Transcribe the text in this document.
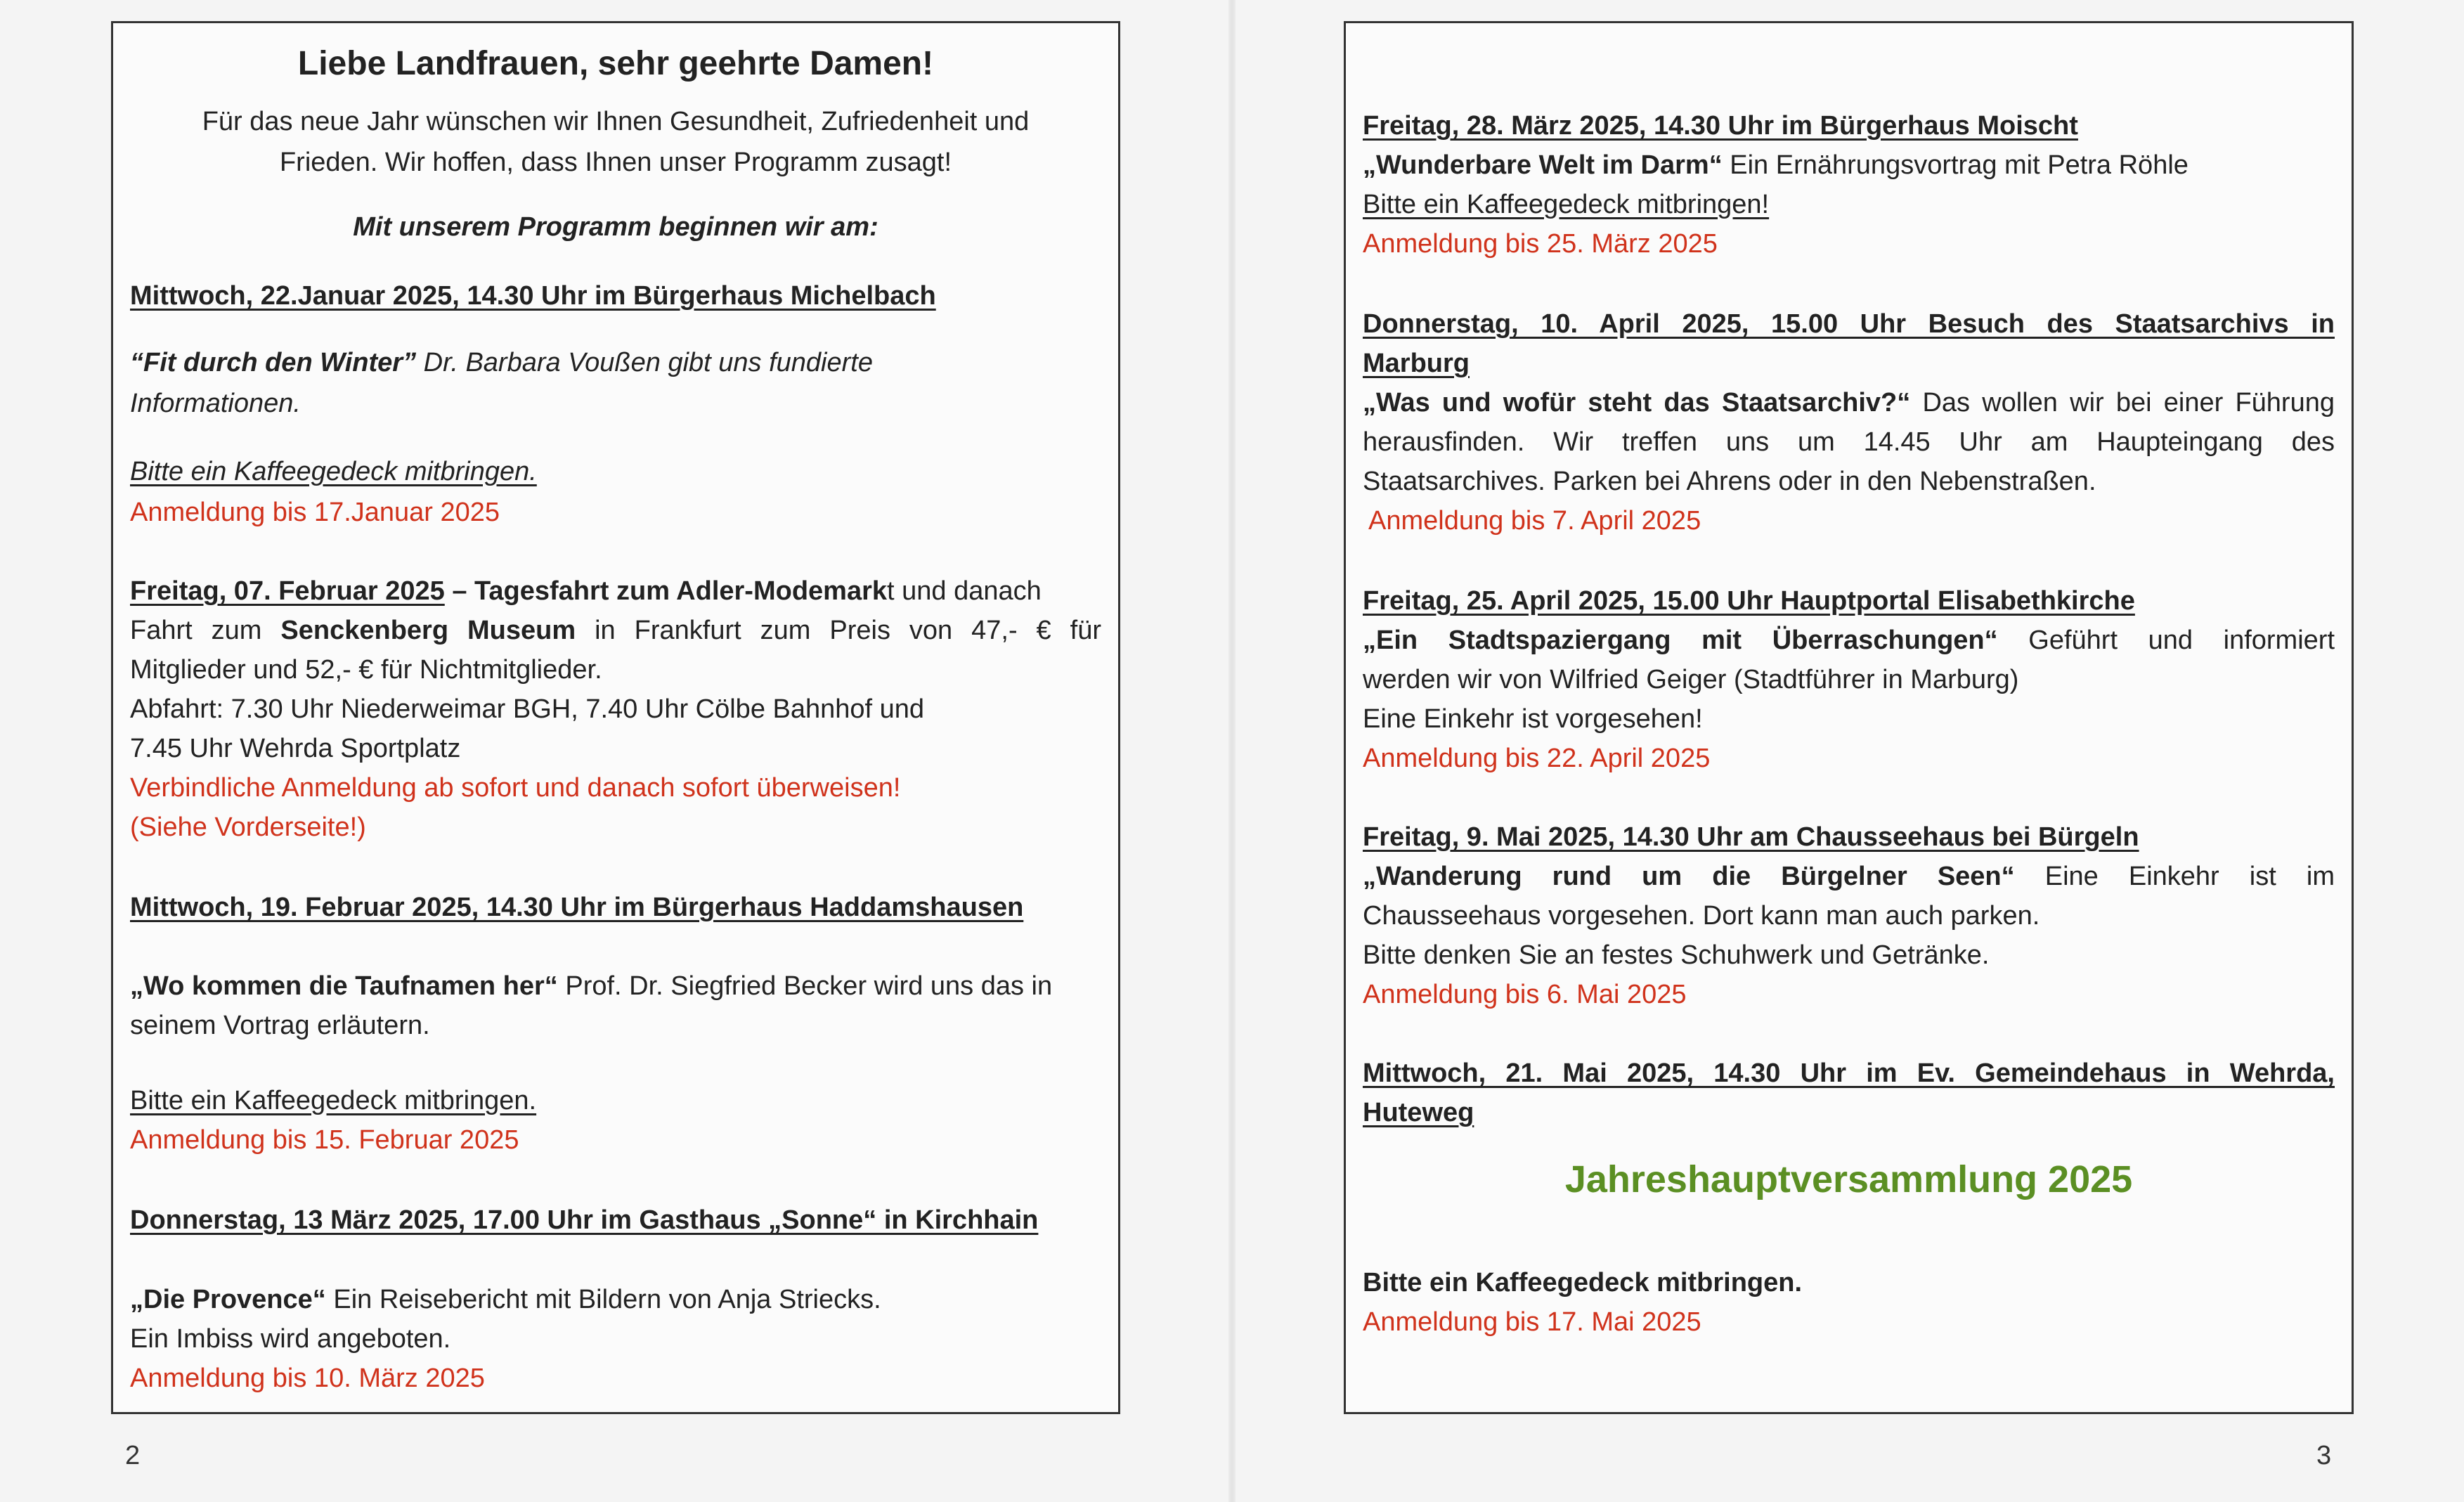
Liebe Landfrauen, sehr geehrte Damen!
Für das neue Jahr wünschen wir Ihnen Gesundheit, Zufriedenheit und
Frieden. Wir hoffen, dass Ihnen unser Programm zusagt!
Mit unserem Programm beginnen wir am:
Mittwoch, 22.Januar 2025, 14.30 Uhr im Bürgerhaus Michelbach
“Fit durch den Winter” Dr. Barbara Voußen gibt uns fundierte
Informationen.
Bitte ein Kaffeegedeck mitbringen.
Anmeldung bis 17.Januar 2025
Freitag, 07. Februar 2025 – Tagesfahrt zum Adler-Modemarkt und danach
Fahrt zum Senckenberg Museum in Frankfurt zum Preis von 47,- € für
Mitglieder und 52,- € für Nichtmitglieder.
Abfahrt: 7.30 Uhr Niederweimar BGH, 7.40 Uhr Cölbe Bahnhof und
7.45 Uhr Wehrda Sportplatz
Verbindliche Anmeldung ab sofort und danach sofort überweisen!
(Siehe Vorderseite!)
Mittwoch, 19. Februar 2025, 14.30 Uhr im Bürgerhaus Haddamshausen
„Wo kommen die Taufnamen her“ Prof. Dr. Siegfried Becker wird uns das in
seinem Vortrag erläutern.
Bitte ein Kaffeegedeck mitbringen.
Anmeldung bis 15. Februar 2025
Donnerstag, 13 März 2025, 17.00 Uhr im Gasthaus „Sonne“ in Kirchhain
„Die Provence“ Ein Reisebericht mit Bildern von Anja Striecks.
Ein Imbiss wird angeboten.
Anmeldung bis 10. März 2025
2
Freitag, 28. März 2025, 14.30 Uhr im Bürgerhaus Moischt
„Wunderbare Welt im Darm“ Ein Ernährungsvortrag mit Petra Röhle
Bitte ein Kaffeegedeck mitbringen!
Anmeldung bis 25. März 2025
Donnerstag, 10. April 2025, 15.00 Uhr Besuch des Staatsarchivs in
Marburg
„Was und wofür steht das Staatsarchiv?“ Das wollen wir bei einer Führung
herausfinden. Wir treffen uns um 14.45 Uhr am Haupteingang des
Staatsarchives. Parken bei Ahrens oder in den Nebenstraßen.
Anmeldung bis 7. April 2025
Freitag, 25. April 2025, 15.00 Uhr Hauptportal Elisabethkirche
„Ein Stadtspaziergang mit Überraschungen“ Geführt und informiert
werden wir von Wilfried Geiger (Stadtführer in Marburg)
Eine Einkehr ist vorgesehen!
Anmeldung bis 22. April 2025
Freitag, 9. Mai 2025, 14.30 Uhr am Chausseehaus bei Bürgeln
„Wanderung rund um die Bürgelner Seen“ Eine Einkehr ist im
Chausseehaus vorgesehen. Dort kann man auch parken.
Bitte denken Sie an festes Schuhwerk und Getränke.
Anmeldung bis 6. Mai 2025
Mittwoch, 21. Mai 2025, 14.30 Uhr im Ev. Gemeindehaus in Wehrda,
Huteweg
Jahreshauptversammlung 2025
Bitte ein Kaffeegedeck mitbringen.
Anmeldung bis 17. Mai 2025
3
